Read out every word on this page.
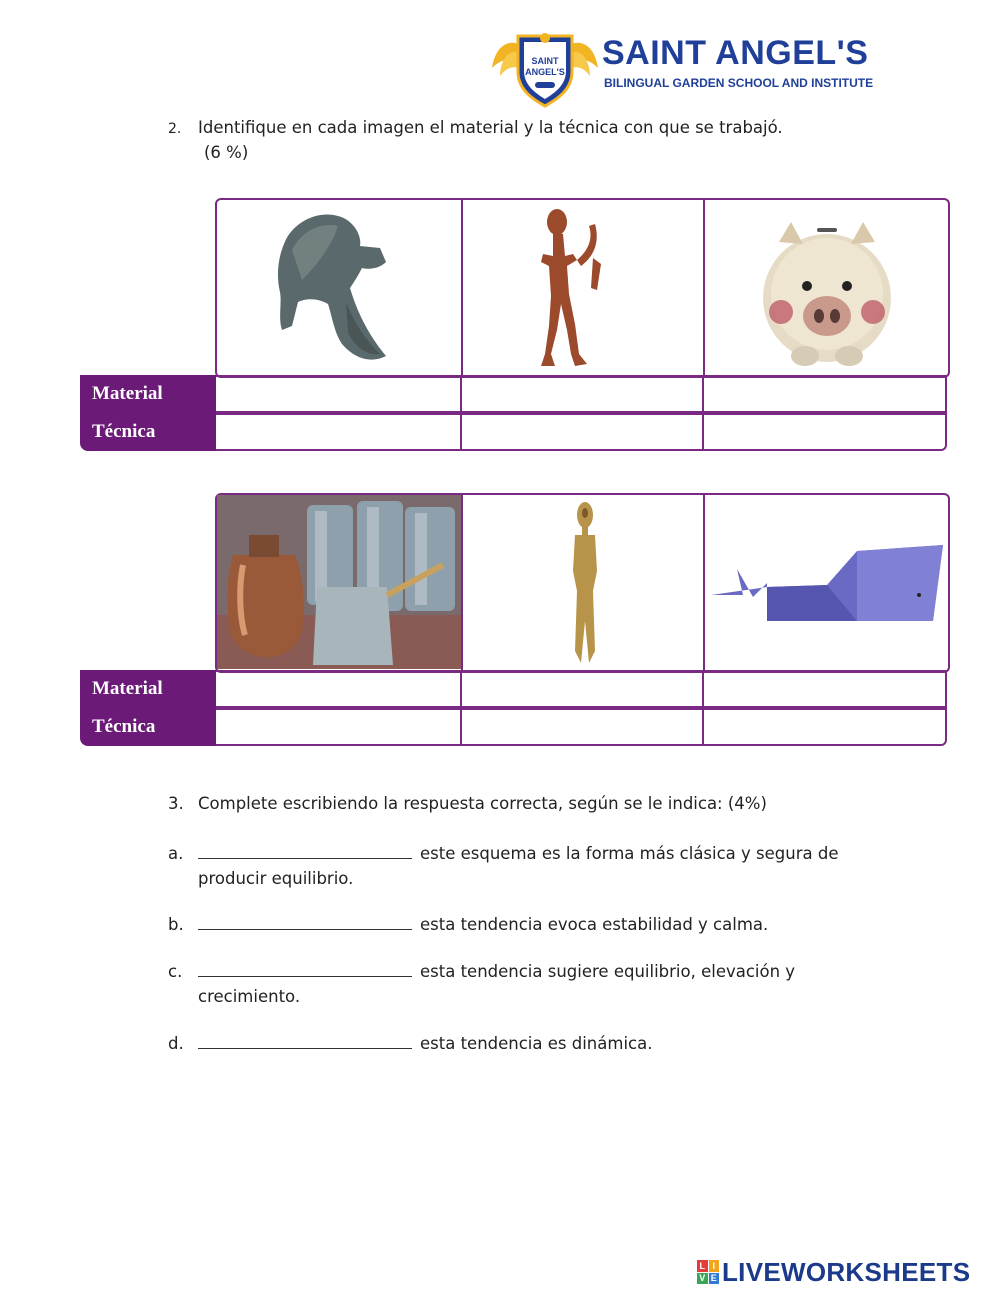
SAINT
ANGEL'S SAINT ANGEL'S
BILINGUAL GARDEN SCHOOL AND INSTITUTE
2. Identifique en cada imagen el material y la técnica con que se trabajó.
(6 %)
Material
Técnica
Material
Técnica
3. Complete escribiendo la respuesta correcta, según se le indica: (4%)
a.	este esquema es la forma más clásica y segura de
producir equilibrio.
b.	esta tendencia evoca estabilidad y calma.
c.	esta tendencia sugiere equilibrio, elevación y
crecimiento.
d.	esta tendencia es dinámica.
L I
V E LIVEWORKSHEETS
